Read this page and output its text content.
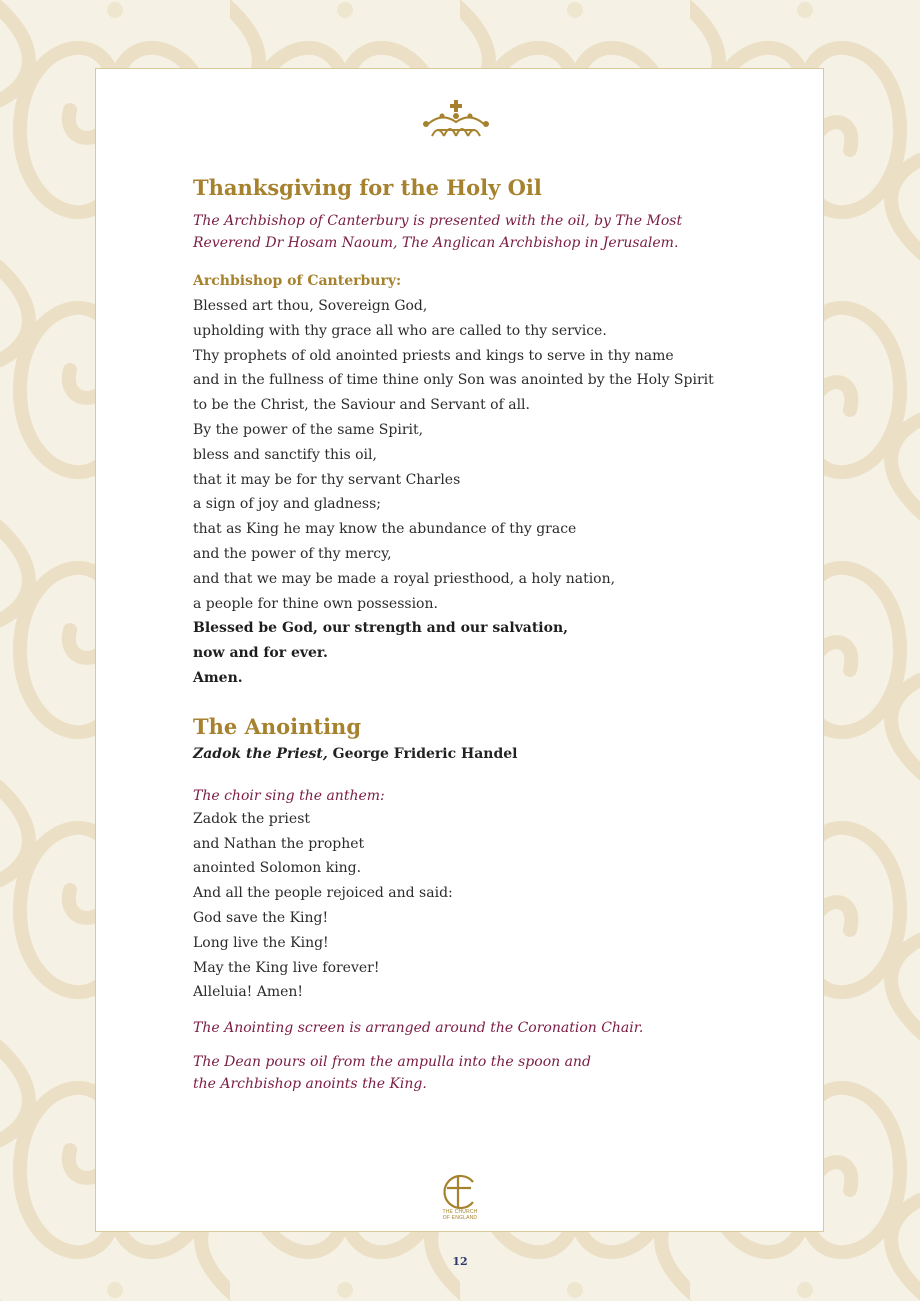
Thanksgiving for the Holy Oil

The Archbishop of Canterbury is presented with the oil, by The Most
Reverend Dr Hosam Naoum, The Anglican Archbishop in Jerusalem.

Archbishop of Canterbury:

Blessed art thou, Sovereign God,
upholding with thy grace all who are called to thy service.
Thy prophets of old anointed priests and kings to serve in thy name
and in the fullness of time thine only Son was anointed by the Holy Spirit
to be the Christ, the Saviour and Servant of all.
By the power of the same Spirit,
bless and sanctify this oil,
that it may be for thy servant Charles
a sign of joy and gladness;
that as King he may know the abundance of thy grace
and the power of thy mercy,
and that we may be made a royal priesthood, a holy nation,
a people for thine own possession.
Blessed be God, our strength and our salvation,
now and for ever.
Amen.
The Anointing

Zadok the Priest, George Frideric Handel

The choir sing the anthem:

Zadok the priest
and Nathan the prophet
anointed Solomon king.
And all the people rejoiced and said:
God save the King!
Long live the King!
May the King live forever!
Alleluia! Amen!

The Anointing screen is arranged around the Coronation Chair.

The Dean pours oil from the ampulla into the spoon and
the Archbishop anoints the King.

THE CHURCH
OF ENGLAND
12
